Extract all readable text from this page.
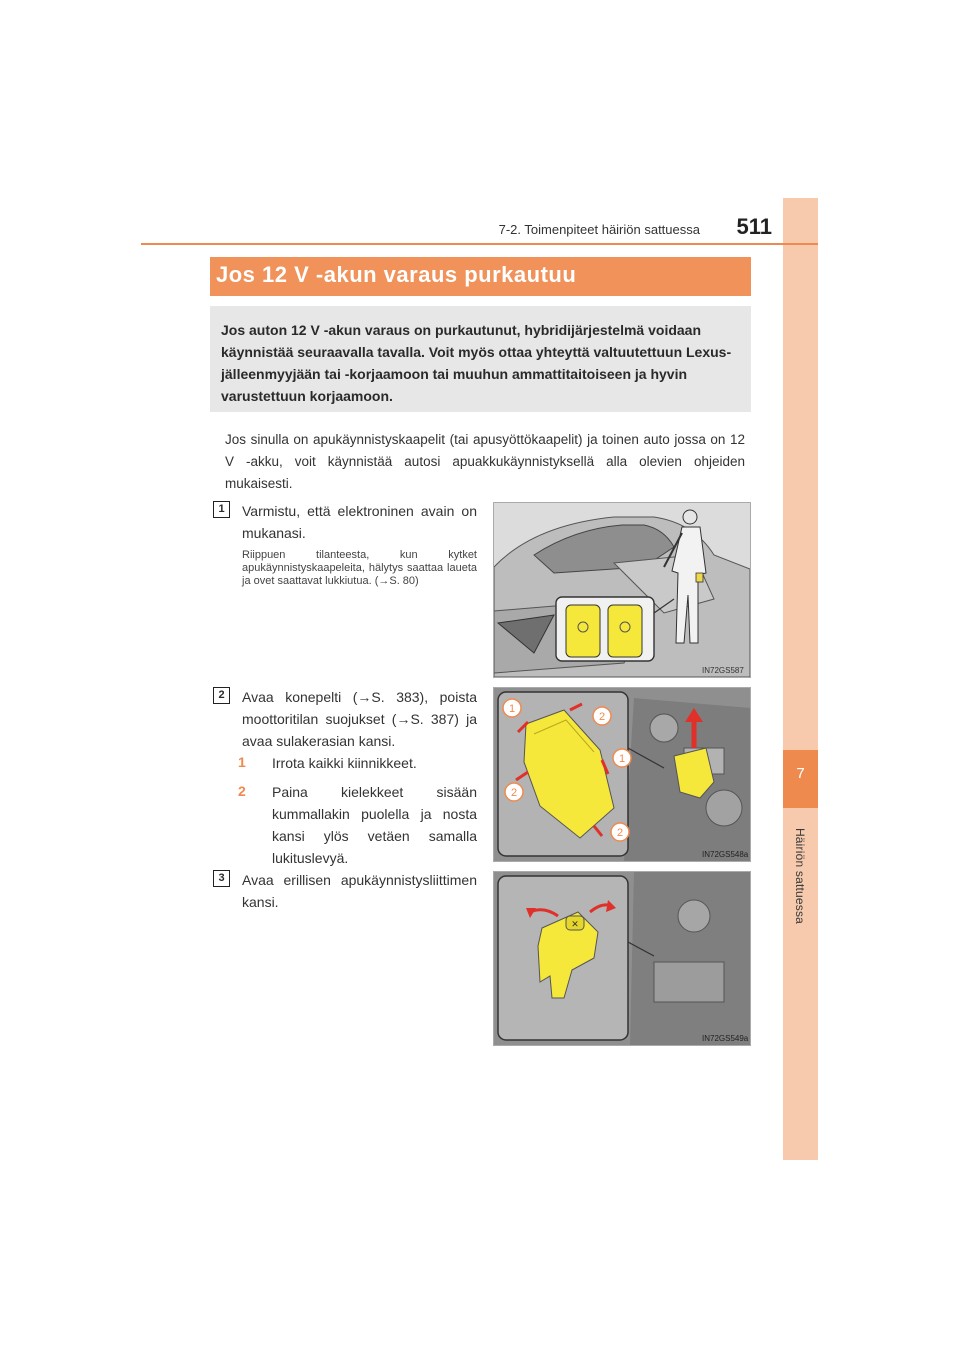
7
Häiriön sattuessa
7-2. Toimenpiteet häiriön sattuessa	511
Jos 12 V -akun varaus purkautuu

Jos auton 12 V -akun varaus on purkautunut, hybridijärjestelmä voidaan käynnistää seuraavalla tavalla. Voit myös ottaa yhteyttä valtuutettuun Lexus-jälleenmyyjään tai -korjaamoon tai muuhun ammattitaitoiseen ja hyvin varustettuun korjaamoon.

Jos sinulla on apukäynnistyskaapelit (tai apusyöttökaapelit) ja toinen auto jossa on 12 V -akku, voit käynnistää autosi apuakkukäynnistyksellä alla olevien ohjeiden mukaisesti.
1	Varmistu, että elektroninen avain on mukanasi.
Riippuen tilanteesta, kun kytket apukäynnistyskaapeleita, hälytys saattaa laueta ja ovet saattavat lukkiutua. (→S. 80)
IN72GS587
2	Avaa konepelti (→S. 383), poista moottoritilan suojukset (→S. 387) ja avaa sulakerasian kansi.
1 Irrota kaikki kiinnikkeet.
2 Paina kielekkeet sisään kummallakin puolella ja nosta kansi ylös vetäen samalla lukituslevyä.
1
2
1
2
2
IN72GS548a
3	Avaa erillisen apukäynnistysliittimen kansi.
✕
IN72GS549a
